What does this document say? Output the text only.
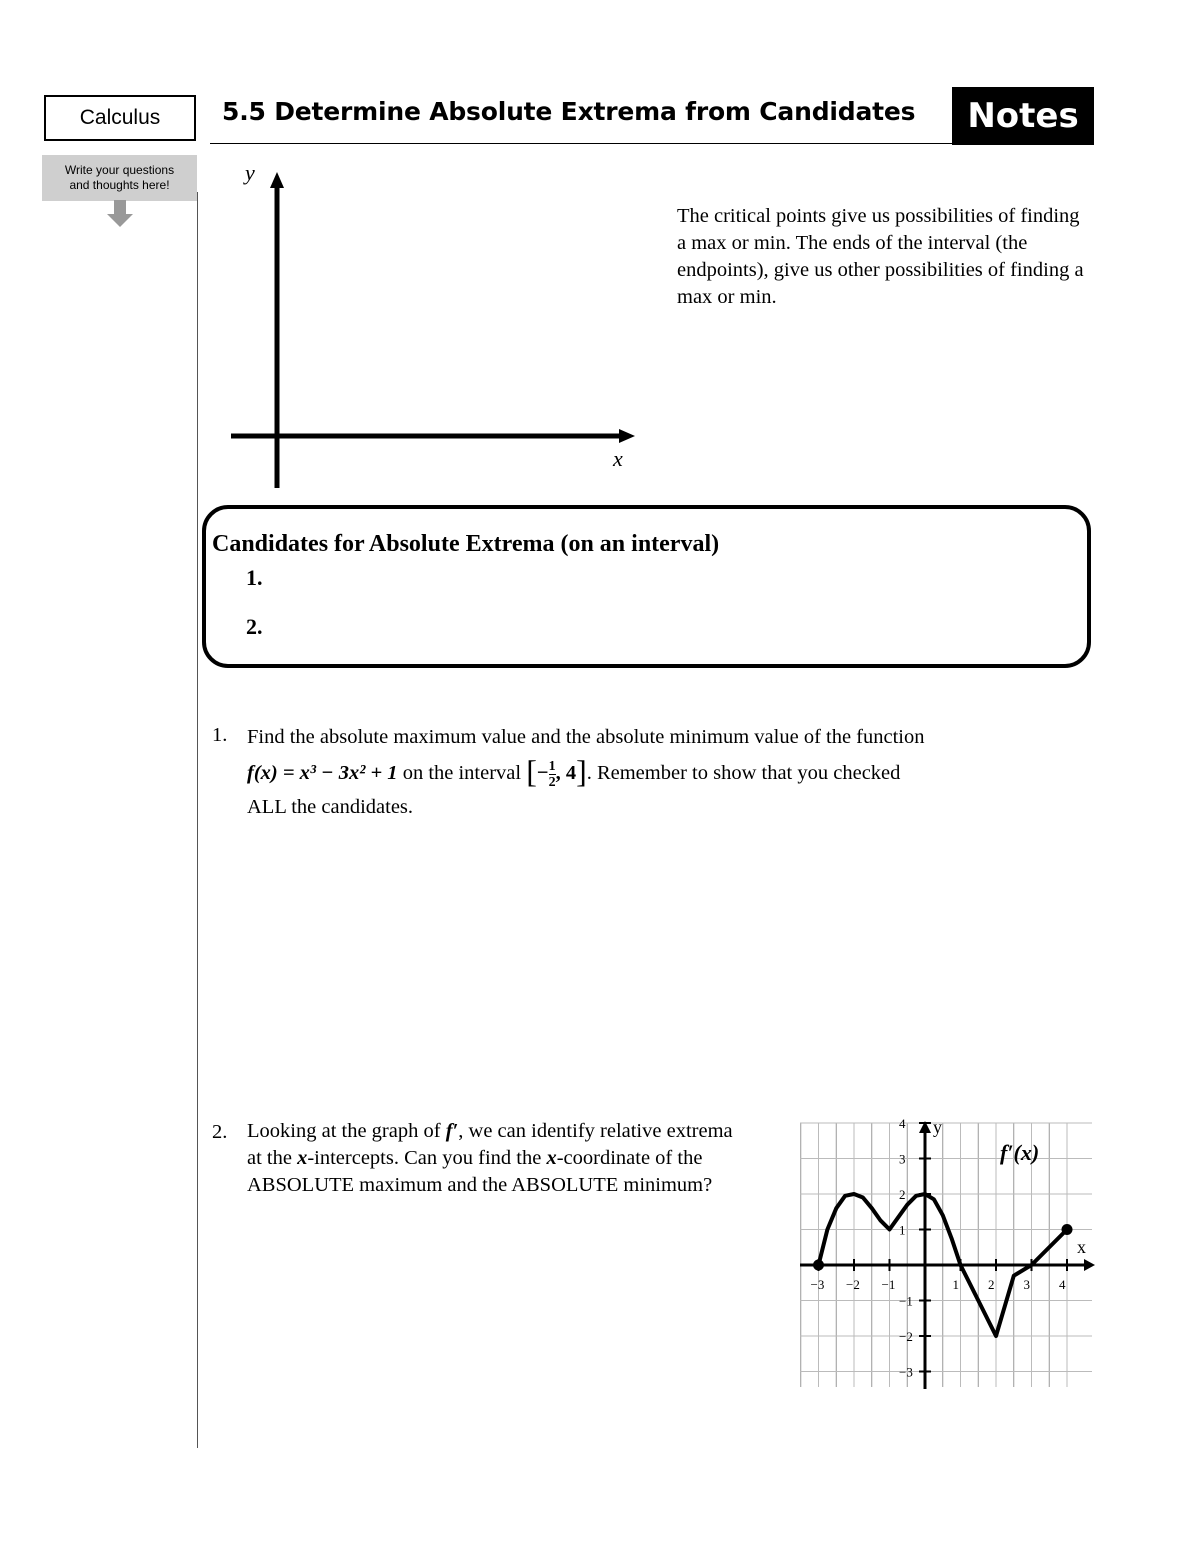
Calculus	5.5 Determine Absolute Extrema from Candidates	Notes
Write your questions
and thoughts here!	y
x
The critical points give us possibilities of finding a max or min. The ends of the interval (the endpoints), give us other possibilities of finding a max or min.
Candidates for Absolute Extrema (on an interval)
1.
2.
1. Find the absolute maximum value and the absolute minimum value of the function
f(x) = x³ − 3x² + 1 on the interval [− $\frac{1}{2}$ , 4]. Remember to show that you checked
ALL the candidates.
2. Looking at the graph of f′, we can identify relative extrema at the x-intercepts. Can you find the x-coordinate of the ABSOLUTE maximum and the ABSOLUTE minimum?
−3 −2 −1	1 2 3 4
4
3
2
1
−1
−2
−3
x
y
f′(x)
